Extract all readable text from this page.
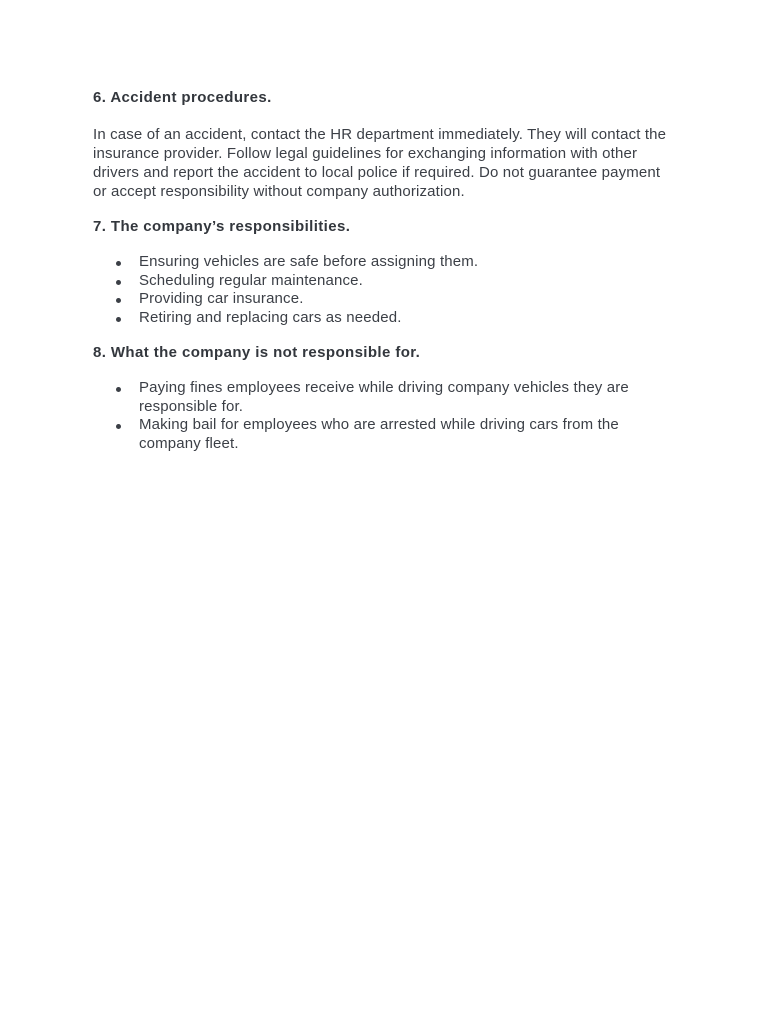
6. Accident procedures.

In case of an accident, contact the HR department immediately. They will contact the insurance provider. Follow legal guidelines for exchanging information with other drivers and report the accident to local police if required. Do not guarantee payment or accept responsibility without company authorization.

7. The company’s responsibilities.
Ensuring vehicles are safe before assigning them.
Scheduling regular maintenance.
Providing car insurance.
Retiring and replacing cars as needed.
8. What the company is not responsible for.
Paying fines employees receive while driving company vehicles they are responsible for.
Making bail for employees who are arrested while driving cars from the company fleet.
